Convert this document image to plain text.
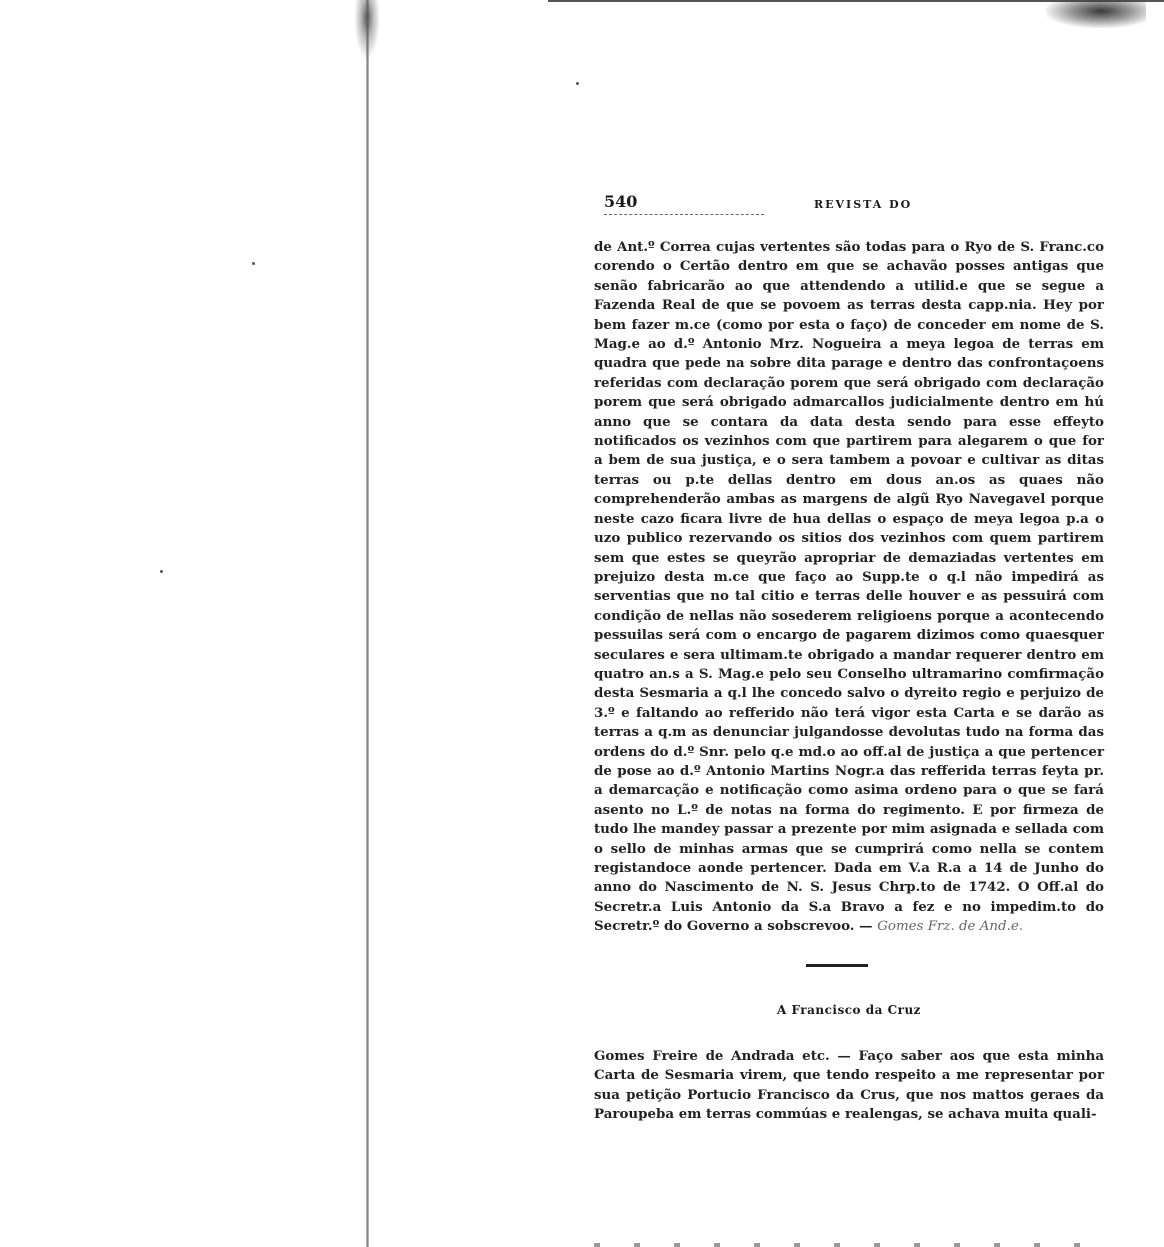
540	REVISTA DO

de Ant.º Correa cujas vertentes são todas para o Ryo de S. Franc.co corendo o Certão dentro em que se achavão posses antigas que senão fabricarão ao que attendendo a utilid.e que se segue a Fazenda Real de que se povoem as terras desta capp.nia. Hey por bem fazer m.ce (como por esta o faço) de conceder em nome de S. Mag.e ao d.º Antonio Mrz. Nogueira a meya legoa de terras em quadra que pede na sobre dita parage e dentro das confrontaçoens referidas com declaração porem que será obrigado com declaração porem que será obrigado admarcallos judicialmente dentro em hú anno que se contara da data desta sendo para esse effeyto notificados os vezinhos com que partirem para alegarem o que for a bem de sua justiça, e o sera tambem a povoar e cultivar as ditas terras ou p.te dellas dentro em dous an.os as quaes não comprehenderão ambas as margens de algũ Ryo Navegavel porque neste cazo ficara livre de hua dellas o espaço de meya legoa p.a o uzo publico rezervando os sitios dos vezinhos com quem partirem sem que estes se queyrão apropriar de demaziadas vertentes em prejuizo desta m.ce que faço ao Supp.te o q.l não impedirá as serventias que no tal citio e terras delle houver e as pessuirá com condição de nellas não sosederem religioens porque a acontecendo pessuilas será com o encargo de pagarem dizimos como quaesquer seculares e sera ultimam.te obrigado a mandar requerer dentro em quatro an.s a S. Mag.e pelo seu Conselho ultramarino comfirmação desta Sesmaria a q.l lhe concedo salvo o dyreito regio e perjuizo de 3.º e faltando ao refferido não terá vigor esta Carta e se darão as terras a q.m as denunciar julgandosse devolutas tudo na forma das ordens do d.º Snr. pelo q.e md.o ao off.al de justiça a que pertencer de pose ao d.º Antonio Martins Nogr.a das refferida terras feyta pr. a demarcação e notificação como asima ordeno para o que se fará asento no L.º de notas na forma do regimento. E por firmeza de tudo lhe mandey passar a prezente por mim asignada e sellada com o sello de minhas armas que se cumprirá como nella se contem registandoce aonde pertencer. Dada em V.a R.a a 14 de Junho do anno do Nascimento de N. S. Jesus Chrp.to de 1742. O Off.al do Secretr.a Luis Antonio da S.a Bravo a fez e no impedim.to do Secretr.º do Governo a sobscrevoo. — Gomes Frz. de And.e.

A Francisco da Cruz

Gomes Freire de Andrada etc. — Faço saber aos que esta minha Carta de Sesmaria virem, que tendo respeito a me representar por sua petição Portucio Francisco da Crus, que nos mattos geraes da Paroupeba em terras commúas e realengas, se achava muita quali-
